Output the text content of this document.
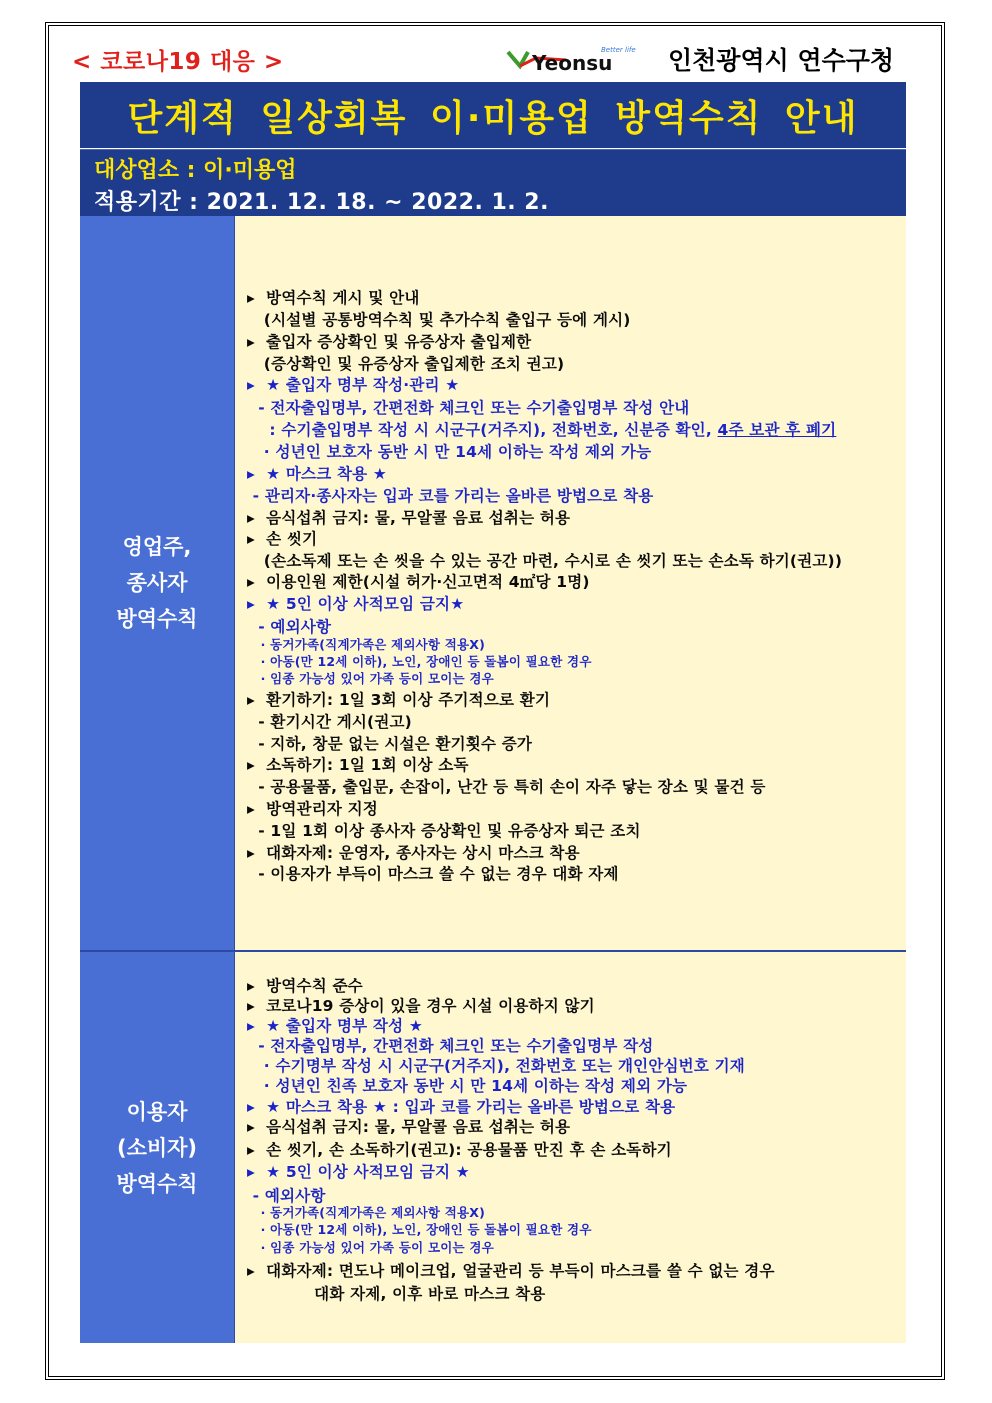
< 코로나19 대응 >	Yeonsu
Better life 인천광역시 연수구청
단계적 일상회복 이·미용업 방역수칙 안내
대상업소 : 이·미용업
적용기간 : 2021. 12. 18. ~ 2022. 1. 2.
영업주,
종사자
방역수칙
▸  방역수칙 게시 및 안내
(시설별 공통방역수칙 및 추가수칙 출입구 등에 게시)
▸  출입자 증상확인 및 유증상자 출입제한
(증상확인 및 유증상자 출입제한 조치 권고)
▸  ★ 출입자 명부 작성·관리 ★
- 전자출입명부, 간편전화 체크인 또는 수기출입명부 작성 안내
: 수기출입명부 작성 시 시군구(거주지), 전화번호, 신분증 확인, 4주 보관 후 폐기
· 성년인 보호자 동반 시 만 14세 이하는 작성 제외 가능
▸  ★ 마스크 착용 ★
- 관리자·종사자는 입과 코를 가리는 올바른 방법으로 착용
▸  음식섭취 금지: 물, 무알콜 음료 섭취는 허용
▸  손 씻기
(손소독제 또는 손 씻을 수 있는 공간 마련, 수시로 손 씻기 또는 손소독 하기(권고))
▸  이용인원 제한(시설 허가·신고면적 4㎡당 1명)
▸  ★ 5인 이상 사적모임 금지★
- 예외사항
· 동거가족(직계가족은 제외사항 적용X)
· 아동(만 12세 이하), 노인, 장애인 등 돌봄이 필요한 경우
· 임종 가능성 있어 가족 등이 모이는 경우
▸  환기하기: 1일 3회 이상 주기적으로 환기
- 환기시간 게시(권고)
- 지하, 창문 없는 시설은 환기횟수 증가
▸  소독하기: 1일 1회 이상 소독
- 공용물품, 출입문, 손잡이, 난간 등 특히 손이 자주 닿는 장소 및 물건 등
▸  방역관리자 지정
- 1일 1회 이상 종사자 증상확인 및 유증상자 퇴근 조치
▸  대화자제: 운영자, 종사자는 상시 마스크 착용
- 이용자가 부득이 마스크 쓸 수 없는 경우 대화 자제
이용자
(소비자)
방역수칙
▸  방역수칙 준수
▸  코로나19 증상이 있을 경우 시설 이용하지 않기
▸  ★ 출입자 명부 작성 ★
- 전자출입명부, 간편전화 체크인 또는 수기출입명부 작성
· 수기명부 작성 시 시군구(거주지), 전화번호 또는 개인안심번호 기재
· 성년인 친족 보호자 동반 시 만 14세 이하는 작성 제외 가능
▸  ★ 마스크 착용 ★ : 입과 코를 가리는 올바른 방법으로 착용
▸  음식섭취 금지: 물, 무알콜 음료 섭취는 허용
▸  손 씻기, 손 소독하기(권고): 공용물품 만진 후 손 소독하기
▸  ★ 5인 이상 사적모임 금지 ★
- 예외사항
· 동거가족(직계가족은 제외사항 적용X)
· 아동(만 12세 이하), 노인, 장애인 등 돌봄이 필요한 경우
· 임종 가능성 있어 가족 등이 모이는 경우
▸  대화자제: 면도나 메이크업, 얼굴관리 등 부득이 마스크를 쓸 수 없는 경우
대화 자제, 이후 바로 마스크 착용
